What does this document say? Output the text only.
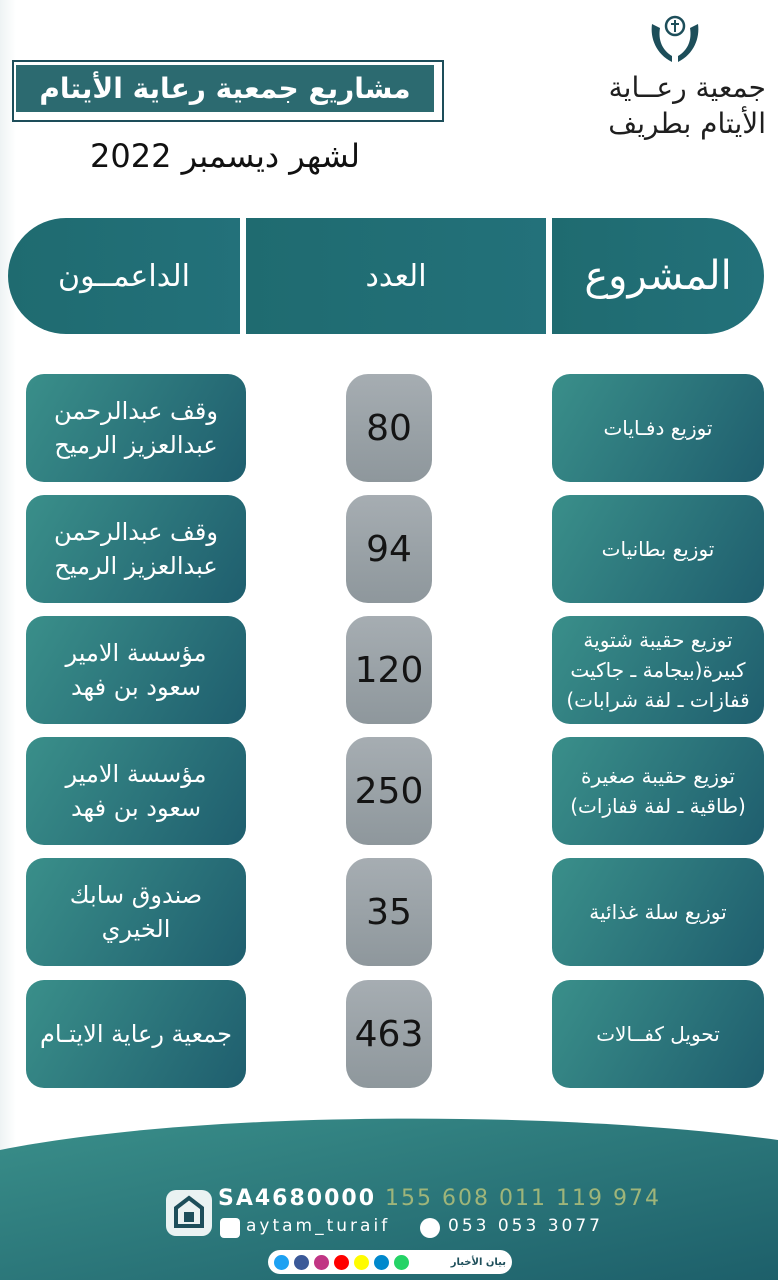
جمعية رعــاية
الأيتام بطريف
مشاريع جمعية رعاية الأيتام
لشهر ديسمبر 2022
المشروع
العدد
الداعمــون
توزيع دفـايات
80
وقف عبدالرحمن عبدالعزيز الرميح
توزيع بطانيات
94
وقف عبدالرحمن عبدالعزيز الرميح
توزيع حقيبة شتوية كبيرة(بيجامة ـ جاكيت قفازات ـ لفة شرابات)
120
مؤسسة الامير سعود بن فهد
توزيع حقيبة صغيرة (طاقية ـ لفة قفازات)
250
مؤسسة الامير سعود بن فهد
توزيع سلة غذائية
35
صندوق سابك الخيري
تحويل كفــالات
463
جمعية رعاية الايتـام
SA4680000 155 608 011 119 974
aytam_turaif	053 053 3077
بيان الأخبار
